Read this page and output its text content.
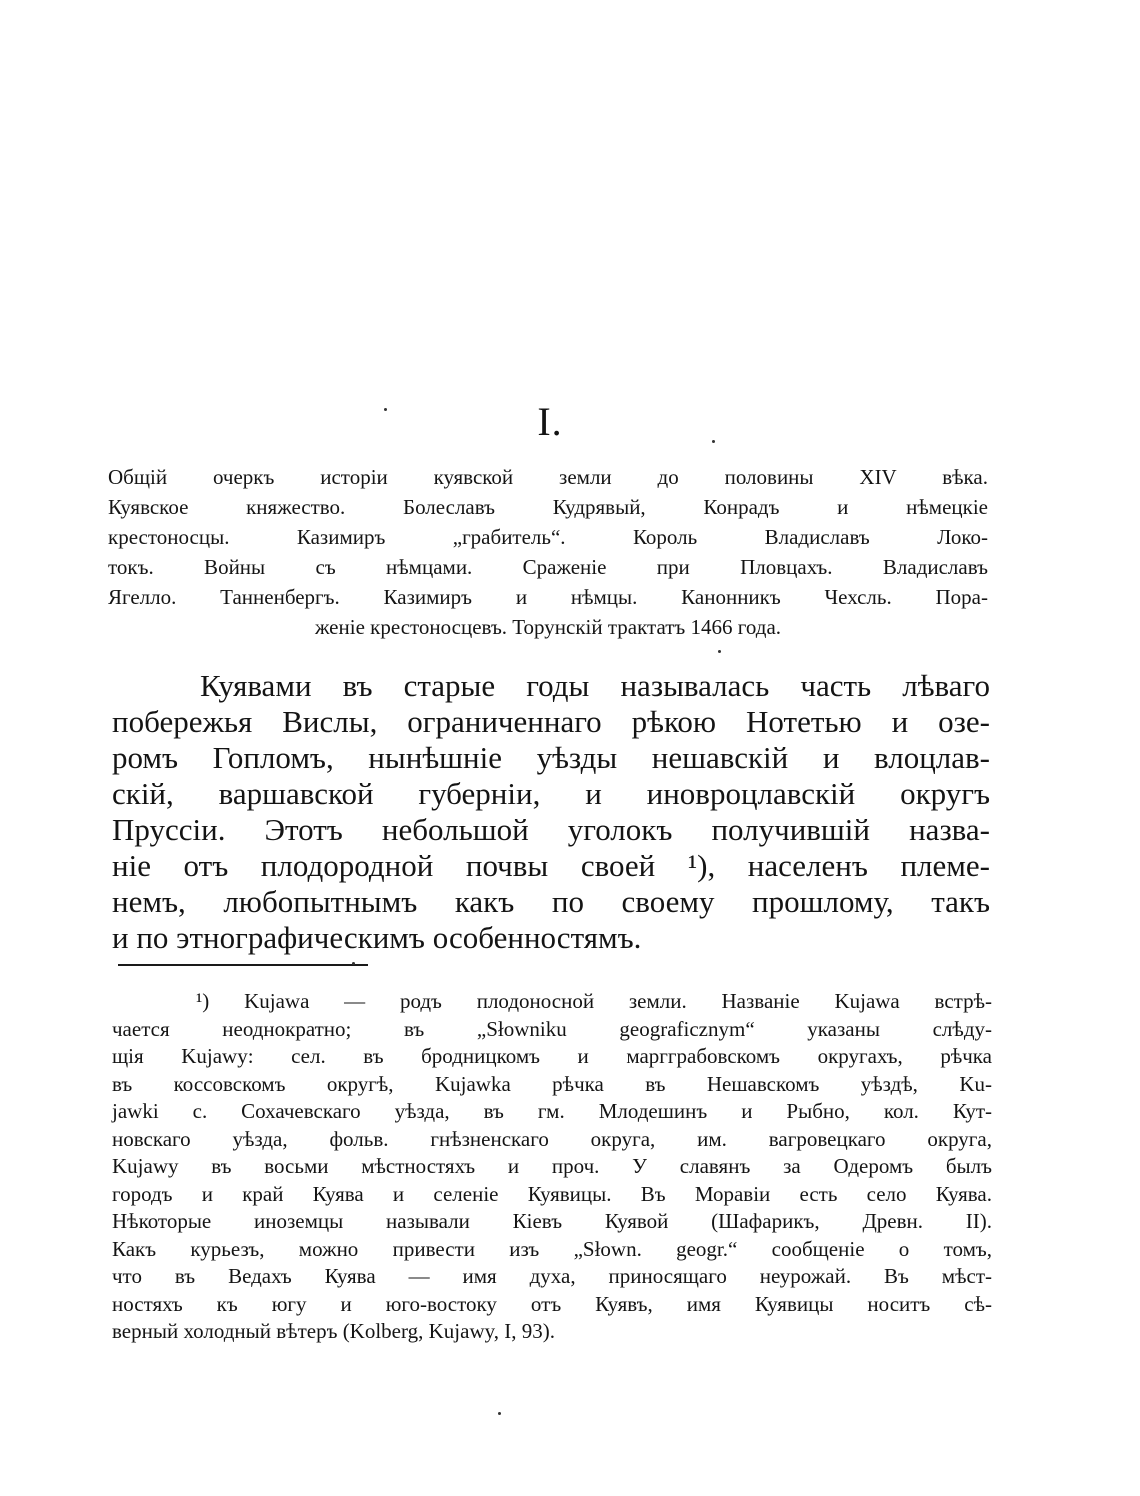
I.
Общій очеркъ исторіи куявской земли до половины XIV вѣка.
Куявское княжество. Болеславъ Кудрявый, Конрадъ и нѣмецкіе
крестоносцы. Казимиръ „грабитель“. Король Владиславъ Локо-
токъ. Войны съ нѣмцами. Сраженіе при Пловцахъ. Владиславъ
Ягелло. Танненбергъ. Казимиръ и нѣмцы. Канонникъ Чехсль. Пора-
женіе крестоносцевъ. Торунскій трактатъ 1466 года.
Куявами въ старые годы называлась часть лѣваго
побережья Вислы, ограниченнаго рѣкою Нотетью и озе-
ромъ Гопломъ, нынѣшніе уѣзды нешавскій и влоцлав-
скій, варшавской губерніи, и иновроцлавскій округъ
Пруссіи. Этотъ небольшой уголокъ получившій назва-
ніе отъ плодородной почвы своей ¹), населенъ племе-
немъ, любопытнымъ какъ по своему прошлому, такъ
и по этнографическимъ особенностямъ.
¹) Kujawa — родъ плодоносной земли. Названіе Kujawa встрѣ-
чается неоднократно; въ „Słowniku geograficznym“ указаны слѣду-
щія Kujawy: сел. въ бродницкомъ и маргграбовскомъ округахъ, рѣчка
въ коссовскомъ округѣ, Kujawka рѣчка въ Нешавскомъ уѣздѣ, Ku-
jawki с. Сохачевскаго уѣзда, въ гм. Млодешинъ и Рыбно, кол. Кут-
новскаго уѣзда, фольв. гнѣзненскаго округа, им. вагровецкаго округа,
Kujawy въ восьми мѣстностяхъ и проч. У славянъ за Одеромъ былъ
городъ и край Куява и селеніе Куявицы. Въ Моравіи есть село Куява.
Нѣкоторые иноземцы называли Кіевъ Куявой (Шафарикъ, Древн. II).
Какъ курьезъ, можно привести изъ „Słown. geogr.“ сообщеніе о томъ,
что въ Ведахъ Куява — имя духа, приносящаго неурожай. Въ мѣст-
ностяхъ къ югу и юго-востоку отъ Куявъ, имя Куявицы носитъ сѣ-
верный холодный вѣтеръ (Kolberg, Kujawy, I, 93).
